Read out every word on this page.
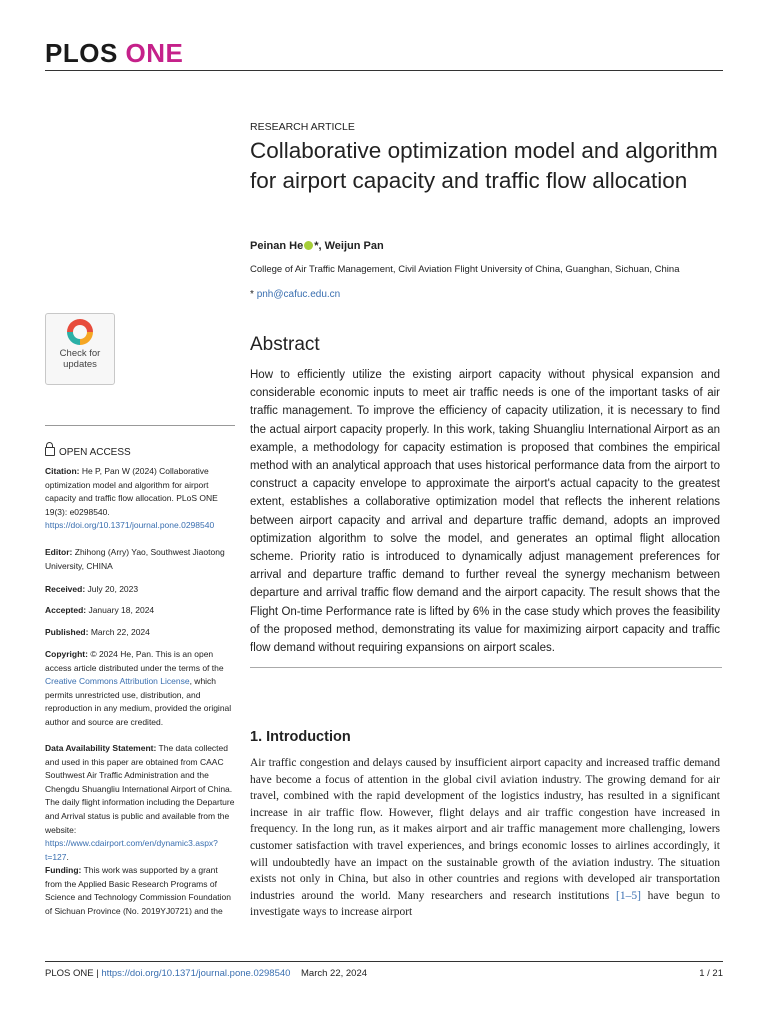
PLOS ONE
RESEARCH ARTICLE
Collaborative optimization model and algorithm for airport capacity and traffic flow allocation
Peinan He *, Weijun Pan
College of Air Traffic Management, Civil Aviation Flight University of China, Guanghan, Sichuan, China
* pnh@cafuc.edu.cn
Abstract
How to efficiently utilize the existing airport capacity without physical expansion and considerable economic inputs to meet air traffic needs is one of the important tasks of air traffic management. To improve the efficiency of capacity utilization, it is necessary to find the actual airport capacity properly. In this work, taking Shuangliu International Airport as an example, a methodology for capacity estimation is proposed that combines the empirical method with an analytical approach that uses historical performance data from the airport to construct a capacity envelope to approximate the airport's actual capacity to the greatest extent, establishes a collaborative optimization model that reflects the inherent relations between airport capacity and arrival and departure traffic demand, adopts an improved optimization algorithm to solve the model, and generates an optimal flight allocation scheme. Priority ratio is introduced to dynamically adjust management preferences for arrival and departure traffic demand to further reveal the synergy mechanism between departure and arrival traffic flow demand and the airport capacity. The result shows that the Flight On-time Performance rate is lifted by 6% in the case study which proves the feasibility of the proposed method, demonstrating its value for maximizing airport capacity and traffic flow demand without requiring expansions on airport scales.
1. Introduction
Air traffic congestion and delays caused by insufficient airport capacity and increased traffic demand have become a focus of attention in the global civil aviation industry. The growing demand for air travel, combined with the rapid development of the logistics industry, has resulted in a significant increase in air traffic flow. However, flight delays and air traffic congestion have increased in frequency. In the long run, as it makes airport and air traffic management more challenging, lowers customer satisfaction with travel experiences, and brings economic losses to airlines accordingly, it will undoubtedly have an impact on the sustainable growth of the aviation industry. The situation exists not only in China, but also in other countries and regions with developed air transportation industries around the world. Many researchers and research institutions [1–5] have begun to investigate ways to increase airport
Check for updates
OPEN ACCESS
Citation: He P, Pan W (2024) Collaborative optimization model and algorithm for airport capacity and traffic flow allocation. PLoS ONE 19(3): e0298540. https://doi.org/10.1371/journal.pone.0298540
Editor: Zhihong (Arry) Yao, Southwest Jiaotong University, CHINA
Received: July 20, 2023
Accepted: January 18, 2024
Published: March 22, 2024
Copyright: © 2024 He, Pan. This is an open access article distributed under the terms of the Creative Commons Attribution License, which permits unrestricted use, distribution, and reproduction in any medium, provided the original author and source are credited.
Data Availability Statement: The data collected and used in this paper are obtained from CAAC Southwest Air Traffic Administration and the Chengdu Shuangliu International Airport of China. The daily flight information including the Departure and Arrival status is public and available from the website: https://www.cdairport.com/en/dynamic3.aspx?t=127.
Funding: This work was supported by a grant from the Applied Basic Research Programs of Science and Technology Commission Foundation of Sichuan Province (No. 2019YJ0721) and the
PLOS ONE | https://doi.org/10.1371/journal.pone.0298540 March 22, 2024	1 / 21
